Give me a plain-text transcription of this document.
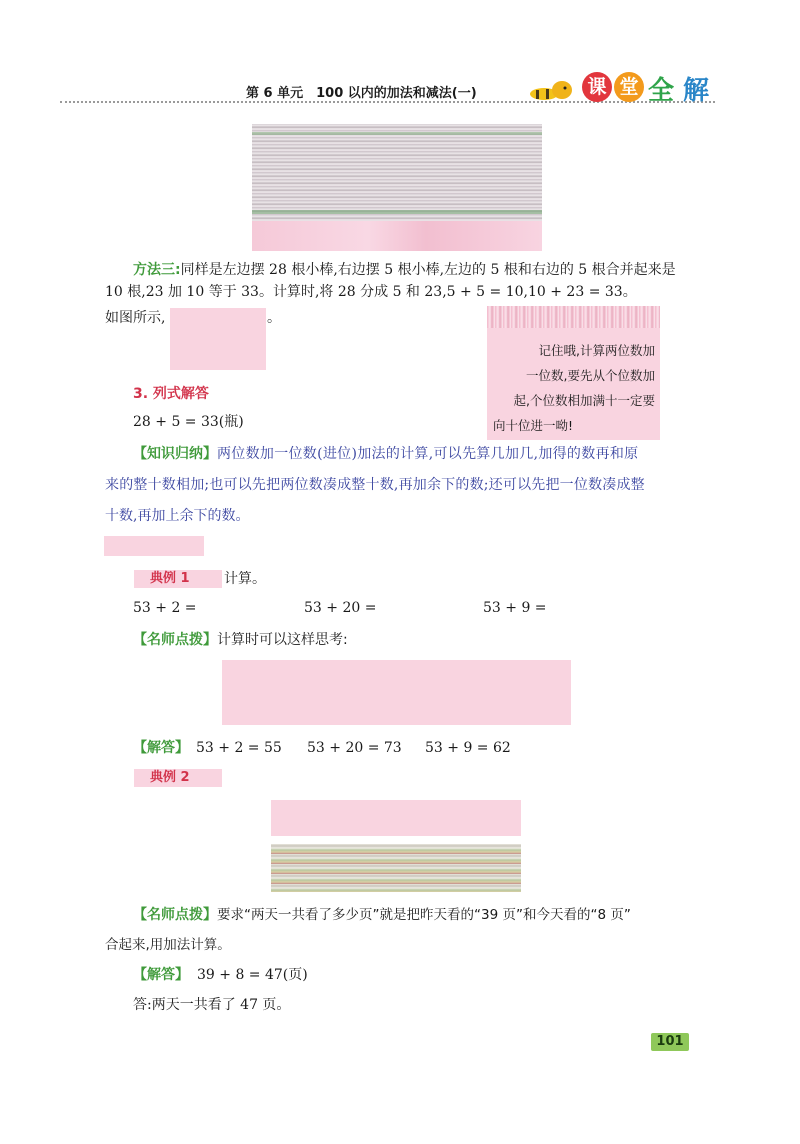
第 6 单元　100 以内的加法和减法(一)	课 堂 全 解
方法三:同样是左边摆 28 根小棒,右边摆 5 根小棒,左边的 5 根和右边的 5 根合并起来是
10 根,23 加 10 等于 33。计算时,将 28 分成 5 和 23,5 + 5 = 10,10 + 23 = 33。
如图所示,	。
记住哦,计算两位数加
一位数,要先从个位数加
起,个位数相加满十一定要
向十位进一呦!
3. 列式解答
28 + 5 = 33(瓶)
【知识归纳】两位数加一位数(进位)加法的计算,可以先算几加几,加得的数再和原
来的整十数相加;也可以先把两位数凑成整十数,再加余下的数;还可以先把一位数凑成整
十数,再加上余下的数。
典例 1	计算。
53 + 2 =	53 + 20 =	53 + 9 =
【名师点拨】计算时可以这样思考:
【解答】 53 + 2 = 55 53 + 20 = 73 53 + 9 = 62
典例 2
【名师点拨】要求“两天一共看了多少页”就是把昨天看的“39 页”和今天看的“8 页”
合起来,用加法计算。
【解答】 39 + 8 = 47(页)
答:两天一共看了 47 页。
101
